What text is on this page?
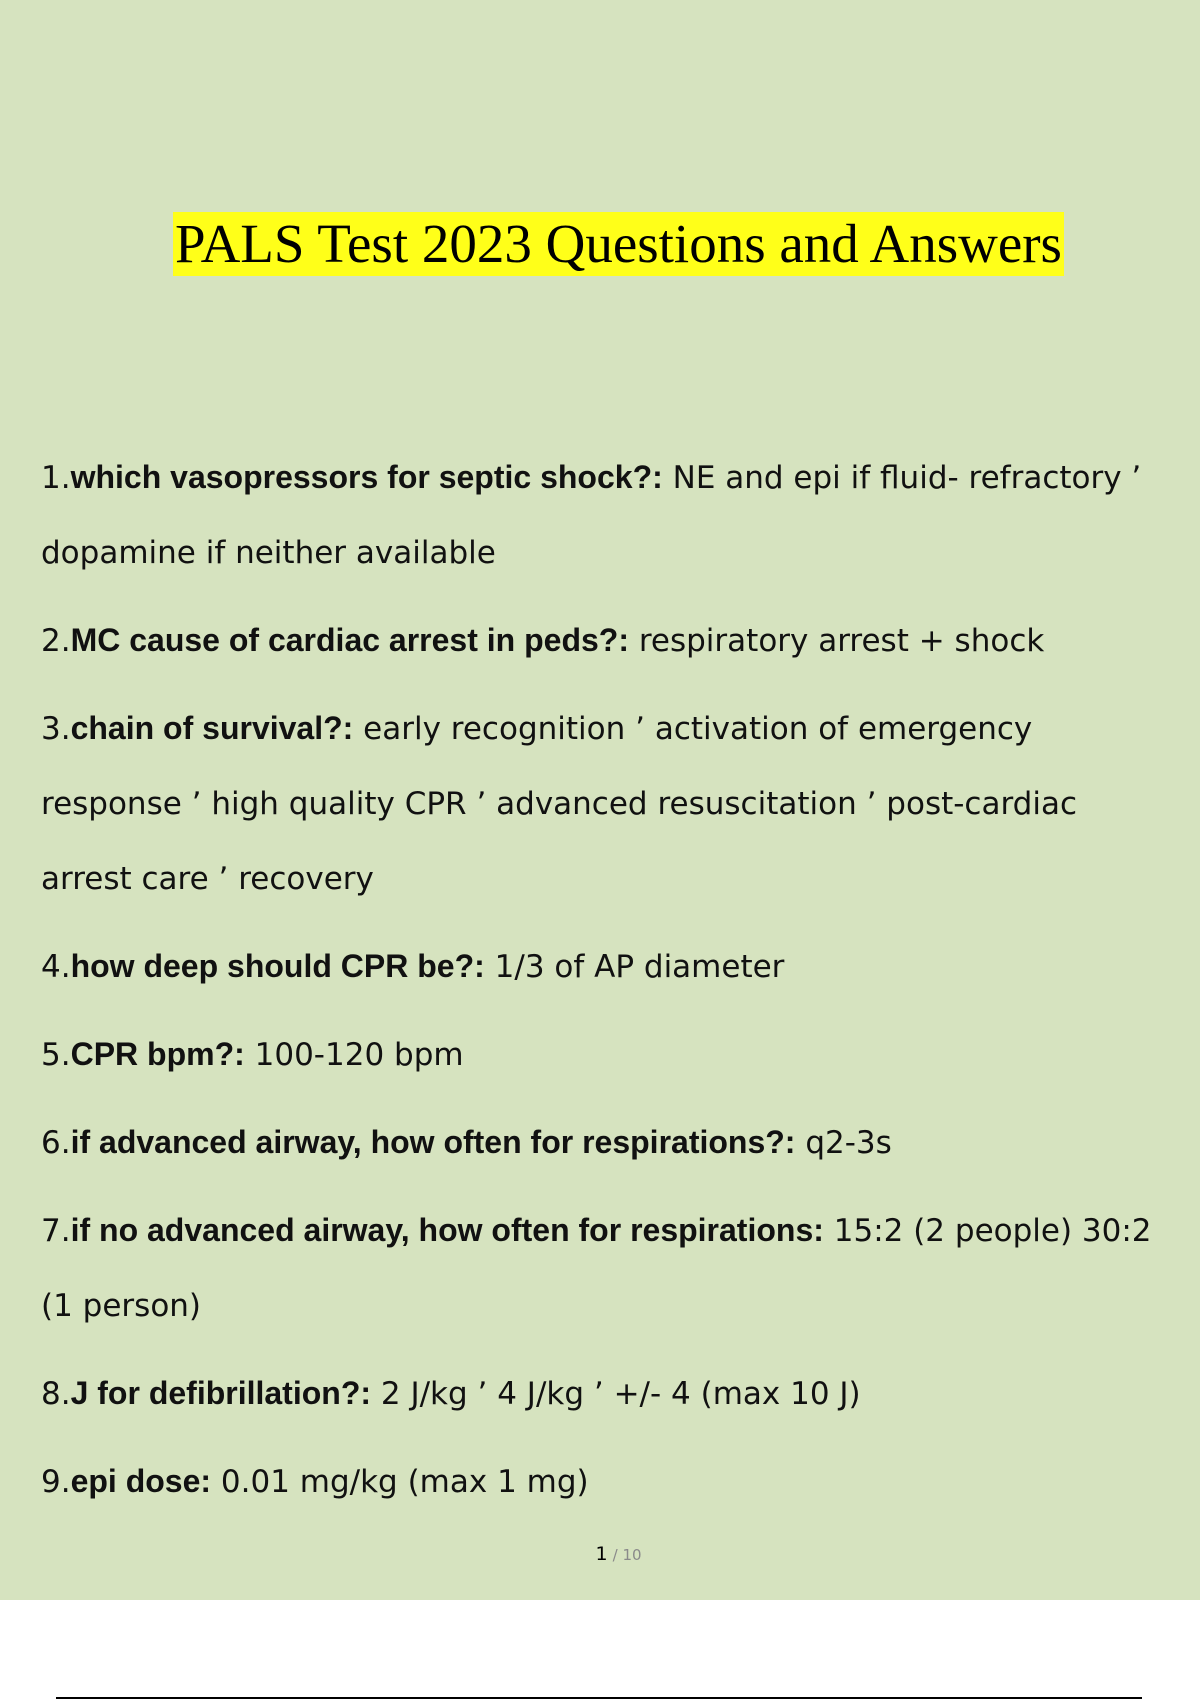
PALS Test 2023 Questions and Answers
1.which vasopressors for septic shock?: NE and epi if fluid- refractory ’ dopamine if neither available
2.MC cause of cardiac arrest in peds?: respiratory arrest + shock
3.chain of survival?: early recognition ’ activation of emergency response ’ high quality CPR ’ advanced resuscitation ’ post-cardiac arrest care ’ recovery
4.how deep should CPR be?: 1/3 of AP diameter
5.CPR bpm?: 100-120 bpm
6.if advanced airway, how often for respirations?: q2-3s
7.if no advanced airway, how often for respirations: 15:2 (2 people) 30:2 (1 person)
8.J for defibrillation?: 2 J/kg ’ 4 J/kg ’ +/- 4 (max 10 J)
9.epi dose: 0.01 mg/kg (max 1 mg)
1 / 10
